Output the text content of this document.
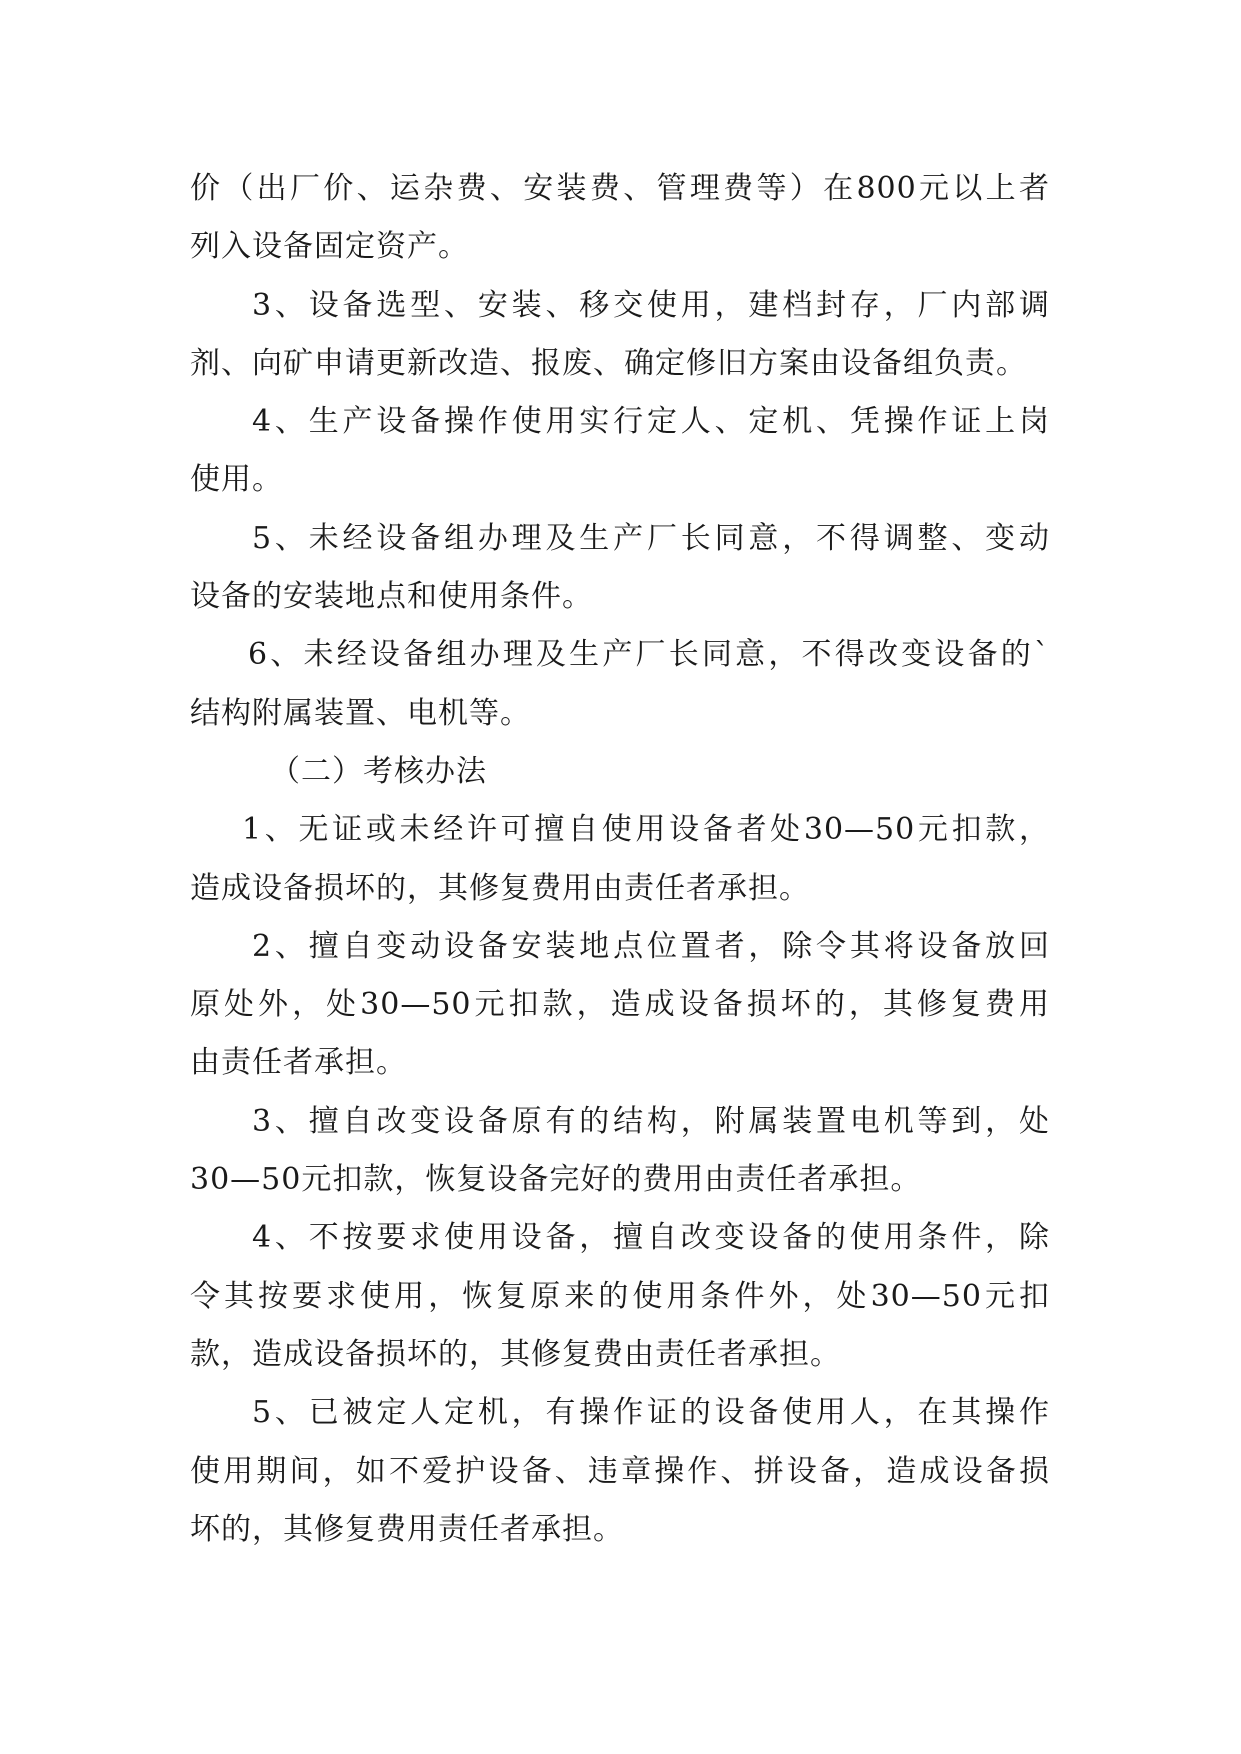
价（出厂价、运杂费、安装费、管理费等）在800元以上者
列入设备固定资产。
3、设备选型、安装、移交使用，建档封存，厂内部调
剂、向矿申请更新改造、报废、确定修旧方案由设备组负责。
4、生产设备操作使用实行定人、定机、凭操作证上岗
使用。
5、未经设备组办理及生产厂长同意，不得调整、变动
设备的安装地点和使用条件。
6、未经设备组办理及生产厂长同意，不得改变设备的`
结构附属装置、电机等。
（二）考核办法
1、无证或未经许可擅自使用设备者处30—50元扣款，
造成设备损坏的，其修复费用由责任者承担。
2、擅自变动设备安装地点位置者，除令其将设备放回
原处外，处30—50元扣款，造成设备损坏的，其修复费用
由责任者承担。
3、擅自改变设备原有的结构，附属装置电机等到，处
30—50元扣款，恢复设备完好的费用由责任者承担。
4、不按要求使用设备，擅自改变设备的使用条件，除
令其按要求使用，恢复原来的使用条件外，处30—50元扣
款，造成设备损坏的，其修复费由责任者承担。
5、已被定人定机，有操作证的设备使用人，在其操作
使用期间，如不爱护设备、违章操作、拼设备，造成设备损
坏的，其修复费用责任者承担。
